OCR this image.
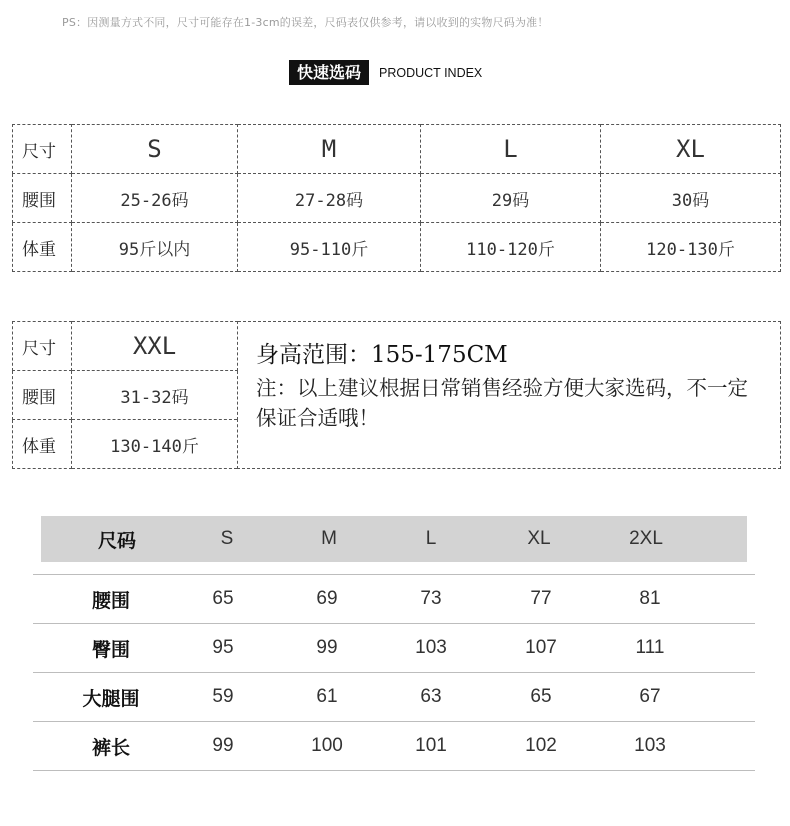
PS：因测量方式不同，尺寸可能存在1-3cm的误差，尺码表仅供参考，请以收到的实物尺码为准！
快速选码	PRODUCT INDEX
尺寸	S	M	L	XL
腰围	25-26码	27-28码	29码	30码
体重	95斤以内	95-110斤	110-120斤	120-130斤
尺寸	XXL	身高范围：155-175CM
注：以上建议根据日常销售经验方便大家选码，不一定保证合适哦！

腰围	31-32码	
体重	130-140斤	
尺码	S	M	L	XL	2XL
腰围	65	69	73	77	81
臀围	95	99	103	107	111
大腿围	59	61	63	65	67
裤长	99	100	101	102	103
